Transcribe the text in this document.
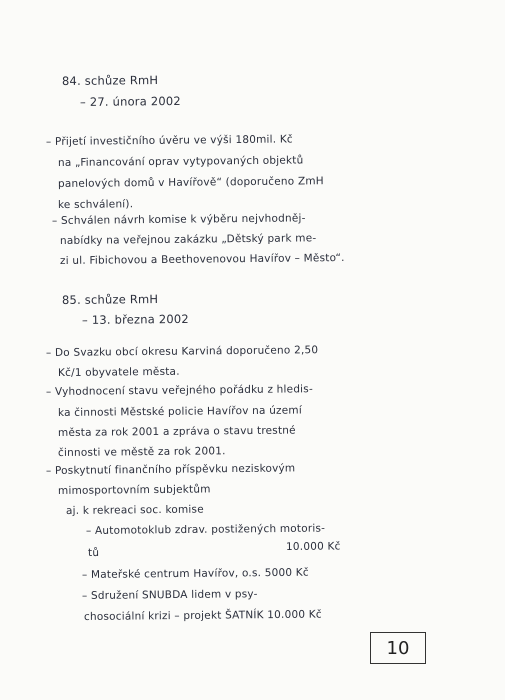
84. schůze RmH
– 27. února 2002
– Přijetí investičního úvěru ve výši 180mil. Kč
na „Financování oprav vytypovaných objektů
panelových domů v Havířově“ (doporučeno ZmH
ke schválení).
– Schválen návrh komise k výběru nejvhodněj-
nabídky na veřejnou zakázku „Dětský park me-
zi ul. Fibichovou a Beethovenovou Havířov – Město“.
85. schůze RmH
– 13. března 2002
– Do Svazku obcí okresu Karviná doporučeno 2,50
Kč/1 obyvatele města.
– Vyhodnocení stavu veřejného pořádku z hledis-
ka činnosti Městské policie Havířov na území
města za rok 2001 a zpráva o stavu trestné
činnosti ve městě za rok 2001.
– Poskytnutí finančního příspěvku neziskovým
mimosportovním subjektům
aj. k rekreaci soc. komise
– Automotoklub zdrav. postižených motoris-
10.000 Kč
tů
– Mateřské centrum Havířov, o.s. 5000 Kč
– Sdružení SNUBDA lidem v psy-
chosociální krizi – projekt ŠATNÍK 10.000 Kč
10
